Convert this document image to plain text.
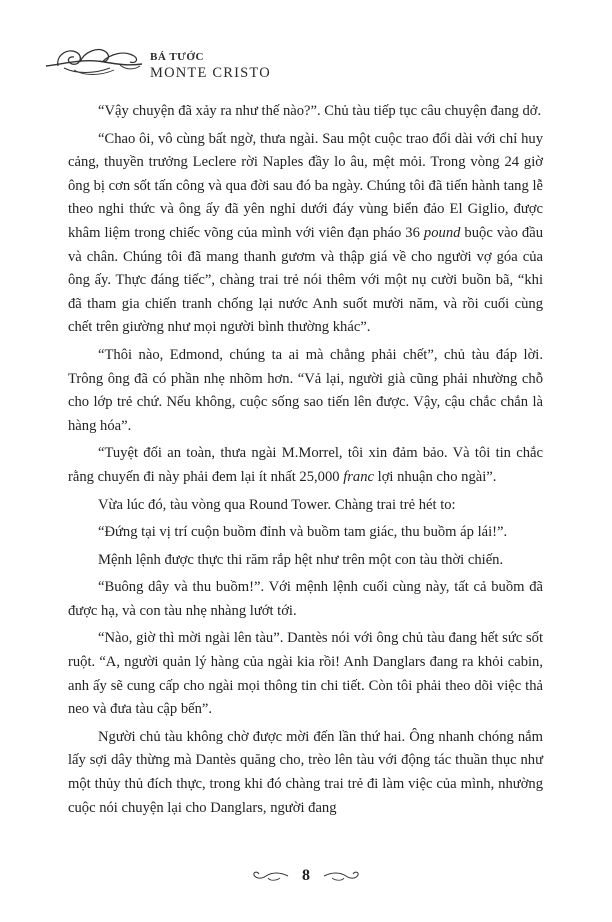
BÁ TƯỚC
MONTE CRISTO

“Vậy chuyện đã xảy ra như thế nào?”. Chủ tàu tiếp tục câu chuyện đang dở.

“Chao ôi, vô cùng bất ngờ, thưa ngài. Sau một cuộc trao đổi dài với chỉ huy cảng, thuyền trưởng Leclere rời Naples đầy lo âu, mệt mỏi. Trong vòng 24 giờ ông bị cơn sốt tấn công và qua đời sau đó ba ngày. Chúng tôi đã tiến hành tang lễ theo nghi thức và ông ấy đã yên nghỉ dưới đáy vùng biển đảo El Giglio, được khâm liệm trong chiếc võng của mình với viên đạn pháo 36 pound buộc vào đầu và chân. Chúng tôi đã mang thanh gươm và thập giá về cho người vợ góa của ông ấy. Thực đáng tiếc”, chàng trai trẻ nói thêm với một nụ cười buồn bã, “khi đã tham gia chiến tranh chống lại nước Anh suốt mười năm, và rồi cuối cùng chết trên giường như mọi người bình thường khác”.

“Thôi nào, Edmond, chúng ta ai mà chẳng phải chết”, chủ tàu đáp lời. Trông ông đã có phần nhẹ nhõm hơn. “Vả lại, người già cũng phải nhường chỗ cho lớp trẻ chứ. Nếu không, cuộc sống sao tiến lên được. Vậy, cậu chắc chắn là hàng hóa”.

“Tuyệt đối an toàn, thưa ngài M.Morrel, tôi xin đảm bảo. Và tôi tin chắc rằng chuyến đi này phải đem lại ít nhất 25,000 franc lợi nhuận cho ngài”.

Vừa lúc đó, tàu vòng qua Round Tower. Chàng trai trẻ hét to:

“Đứng tại vị trí cuộn buồm đỉnh và buồm tam giác, thu buồm áp lái!”.

Mệnh lệnh được thực thi răm rắp hệt như trên một con tàu thời chiến.

“Buông dây và thu buồm!”. Với mệnh lệnh cuối cùng này, tất cả buồm đã được hạ, và con tàu nhẹ nhàng lướt tới.

“Nào, giờ thì mời ngài lên tàu”. Dantès nói với ông chủ tàu đang hết sức sốt ruột. “A, người quản lý hàng của ngài kia rồi! Anh Danglars đang ra khỏi cabin, anh ấy sẽ cung cấp cho ngài mọi thông tin chi tiết. Còn tôi phải theo dõi việc thả neo và đưa tàu cập bến”.

Người chủ tàu không chờ được mời đến lần thứ hai. Ông nhanh chóng nắm lấy sợi dây thừng mà Dantès quăng cho, trèo lên tàu với động tác thuần thục như một thủy thủ đích thực, trong khi đó chàng trai trẻ đi làm việc của mình, nhường cuộc nói chuyện lại cho Danglars, người đang

8
